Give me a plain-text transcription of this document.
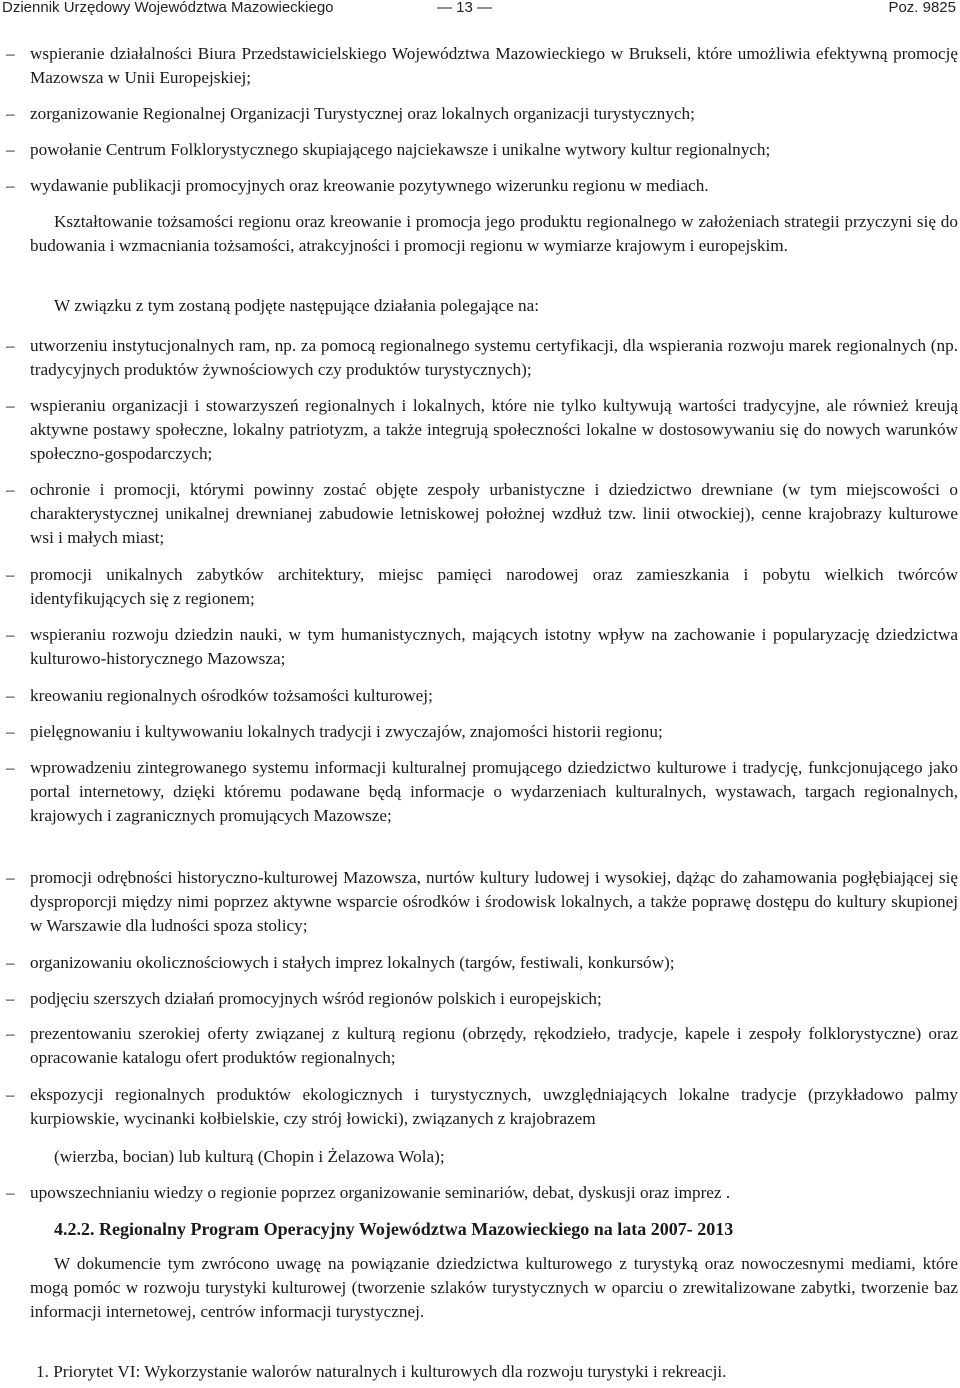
Dziennik Urzędowy Województwa Mazowieckiego	— 13 —	Poz. 9825
– wspieranie działalności Biura Przedstawicielskiego Województwa Mazowieckiego w Brukseli, które umożliwia efektywną promocję Mazowsza w Unii Europejskiej;
– zorganizowanie Regionalnej Organizacji Turystycznej oraz lokalnych organizacji turystycznych;
– powołanie Centrum Folklorystycznego skupiającego najciekawsze i unikalne wytwory kultur regionalnych;
– wydawanie publikacji promocyjnych oraz kreowanie pozytywnego wizerunku regionu w mediach.
Kształtowanie tożsamości regionu oraz kreowanie i promocja jego produktu regionalnego w założeniach strategii przyczyni się do budowania i wzmacniania tożsamości, atrakcyjności i promocji regionu w wymiarze krajowym i europejskim.
W związku z tym zostaną podjęte następujące działania polegające na:
– utworzeniu instytucjonalnych ram, np. za pomocą regionalnego systemu certyfikacji, dla wspierania rozwoju marek regionalnych (np. tradycyjnych produktów żywnościowych czy produktów turystycznych);
– wspieraniu organizacji i stowarzyszeń regionalnych i lokalnych, które nie tylko kultywują wartości tradycyjne, ale również kreują aktywne postawy społeczne, lokalny patriotyzm, a także integrują społeczności lokalne w dostosowywaniu się do nowych warunków społeczno-gospodarczych;
– ochronie i promocji, którymi powinny zostać objęte zespoły urbanistyczne i dziedzictwo drewniane (w tym miejscowości o charakterystycznej unikalnej drewnianej zabudowie letniskowej położnej wzdłuż tzw. linii otwockiej), cenne krajobrazy kulturowe wsi i małych miast;
– promocji unikalnych zabytków architektury, miejsc pamięci narodowej oraz zamieszkania i pobytu wielkich twórców identyfikujących się z regionem;
– wspieraniu rozwoju dziedzin nauki, w tym humanistycznych, mających istotny wpływ na zachowanie i popularyzację dziedzictwa kulturowo-historycznego Mazowsza;
– kreowaniu regionalnych ośrodków tożsamości kulturowej;
– pielęgnowaniu i kultywowaniu lokalnych tradycji i zwyczajów, znajomości historii regionu;
– wprowadzeniu zintegrowanego systemu informacji kulturalnej promującego dziedzictwo kulturowe i tradycję, funkcjonującego jako portal internetowy, dzięki któremu podawane będą informacje o wydarzeniach kulturalnych, wystawach, targach regionalnych, krajowych i zagranicznych promujących Mazowsze;
– promocji odrębności historyczno-kulturowej Mazowsza, nurtów kultury ludowej i wysokiej, dążąc do zahamowania pogłębiającej się dysproporcji między nimi poprzez aktywne wsparcie ośrodków i środowisk lokalnych, a także poprawę dostępu do kultury skupionej w Warszawie dla ludności spoza stolicy;
– organizowaniu okolicznościowych i stałych imprez lokalnych (targów, festiwali, konkursów);
– podjęciu szerszych działań promocyjnych wśród regionów polskich i europejskich;
– prezentowaniu szerokiej oferty związanej z kulturą regionu (obrzędy, rękodzieło, tradycje, kapele i zespoły folklorystyczne) oraz opracowanie katalogu ofert produktów regionalnych;
– ekspozycji regionalnych produktów ekologicznych i turystycznych, uwzględniających lokalne tradycje (przykładowo palmy kurpiowskie, wycinanki kołbielskie, czy strój łowicki), związanych z krajobrazem
(wierzba, bocian) lub kulturą (Chopin i Żelazowa Wola);
– upowszechnianiu wiedzy o regionie poprzez organizowanie seminariów, debat, dyskusji oraz imprez .
4.2.2. Regionalny Program Operacyjny Województwa Mazowieckiego na lata 2007- 2013
W dokumencie tym zwrócono uwagę na powiązanie dziedzictwa kulturowego z turystyką oraz nowoczesnymi mediami, które mogą pomóc w rozwoju turystyki kulturowej (tworzenie szlaków turystycznych w oparciu o zrewitalizowane zabytki, tworzenie baz informacji internetowej, centrów informacji turystycznej.
1. Priorytet VI: Wykorzystanie walorów naturalnych i kulturowych dla rozwoju turystyki i rekreacji.
